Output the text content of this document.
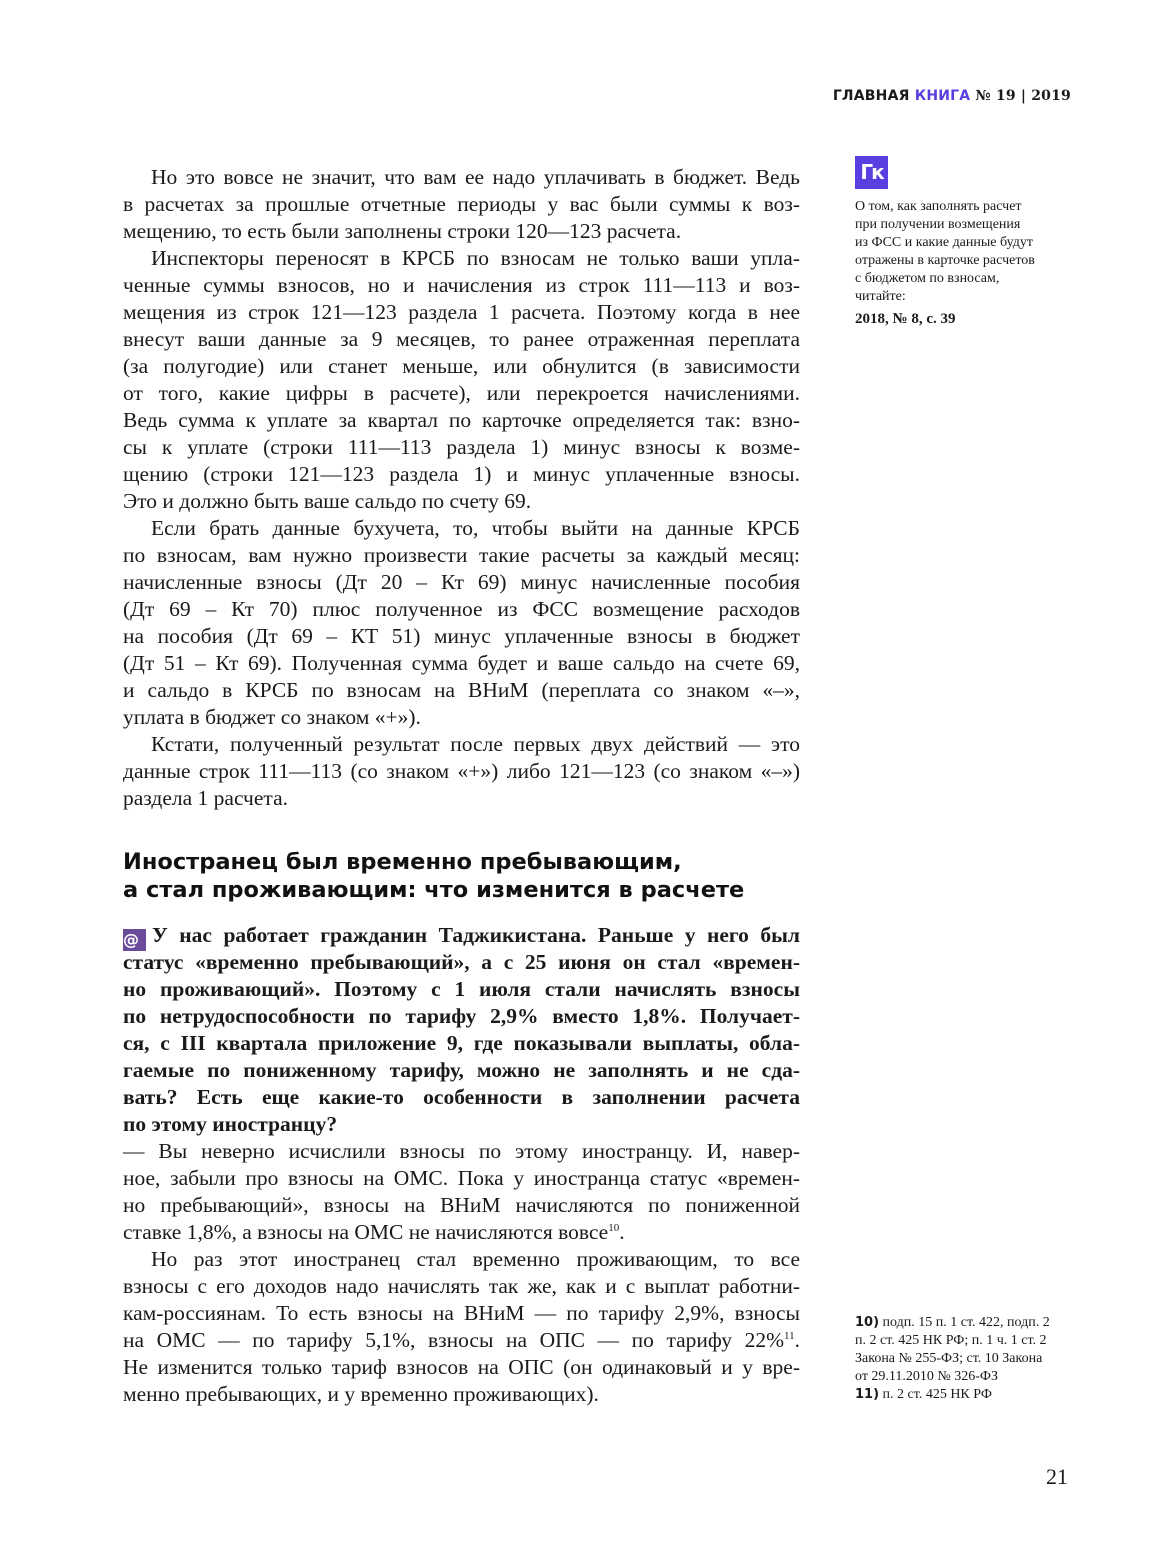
ГЛАВНАЯ КНИГА № 19 | 2019
Гк
О том, как заполнять расчет
при получении возмещения
из ФСС и какие данные будут
отражены в карточке расчетов
с бюджетом по взносам,
читайте:
2018, № 8, с. 39
Но это вовсе не значит, что вам ее надо уплачивать в бюджет. Ведь
в расчетах за прошлые отчетные периоды у вас были суммы к воз-
мещению, то есть были заполнены строки 120—123 расчета.
Инспекторы переносят в КРСБ по взносам не только ваши упла-
ченные суммы взносов, но и начисления из строк 111—113 и воз-
мещения из строк 121—123 раздела 1 расчета. Поэтому когда в нее
внесут ваши данные за 9 месяцев, то ранее отраженная переплата
(за полугодие) или станет меньше, или обнулится (в зависимости
от того, какие цифры в расчете), или перекроется начислениями.
Ведь сумма к уплате за квартал по карточке определяется так: взно-
сы к уплате (строки 111—113 раздела 1) минус взносы к возме-
щению (строки 121—123 раздела 1) и минус уплаченные взносы.
Это и должно быть ваше сальдо по счету 69.
Если брать данные бухучета, то, чтобы выйти на данные КРСБ
по взносам, вам нужно произвести такие расчеты за каждый месяц:
начисленные взносы (Дт 20 – Кт 69) минус начисленные пособия
(Дт 69 – Кт 70) плюс полученное из ФСС возмещение расходов
на пособия (Дт 69 – КТ 51) минус уплаченные взносы в бюджет
(Дт 51 – Кт 69). Полученная сумма будет и ваше сальдо на счете 69,
и сальдо в КРСБ по взносам на ВНиМ (переплата со знаком «–»,
уплата в бюджет со знаком «+»).
Кстати, полученный результат после первых двух действий — это
данные строк 111—113 (со знаком «+») либо 121—123 (со знаком «–»)
раздела 1 расчета.
Иностранец был временно пребывающим,
а стал проживающим: что изменится в расчете
@ У нас работает гражданин Таджикистана. Раньше у него был
статус «временно пребывающий», а с 25 июня он стал «времен-
но проживающий». Поэтому с 1 июля стали начислять взносы
по нетрудоспособности по тарифу 2,9% вместо 1,8%. Получает-
ся, с III квартала приложение 9, где показывали выплаты, обла-
гаемые по пониженному тарифу, можно не заполнять и не сда-
вать? Есть еще какие-то особенности в заполнении расчета
по этому иностранцу?
— Вы неверно исчислили взносы по этому иностранцу. И, навер-
ное, забыли про взносы на ОМС. Пока у иностранца статус «времен-
но пребывающий», взносы на ВНиМ начисляются по пониженной
ставке 1,8%, а взносы на ОМС не начисляются вовсе$^{10}$.
Но раз этот иностранец стал временно проживающим, то все
взносы с его доходов надо начислять так же, как и с выплат работни-
кам-россиянам. То есть взносы на ВНиМ — по тарифу 2,9%, взносы
на ОМС — по тарифу 5,1%, взносы на ОПС — по тарифу 22%$^{11}$.
Не изменится только тариф взносов на ОПС (он одинаковый и у вре-
менно пребывающих, и у временно проживающих).
10) подп. 15 п. 1 ст. 422, подп. 2
п. 2 ст. 425 НК РФ; п. 1 ч. 1 ст. 2
Закона № 255-ФЗ; ст. 10 Закона
от 29.11.2010 № 326-ФЗ
11) п. 2 ст. 425 НК РФ
21
